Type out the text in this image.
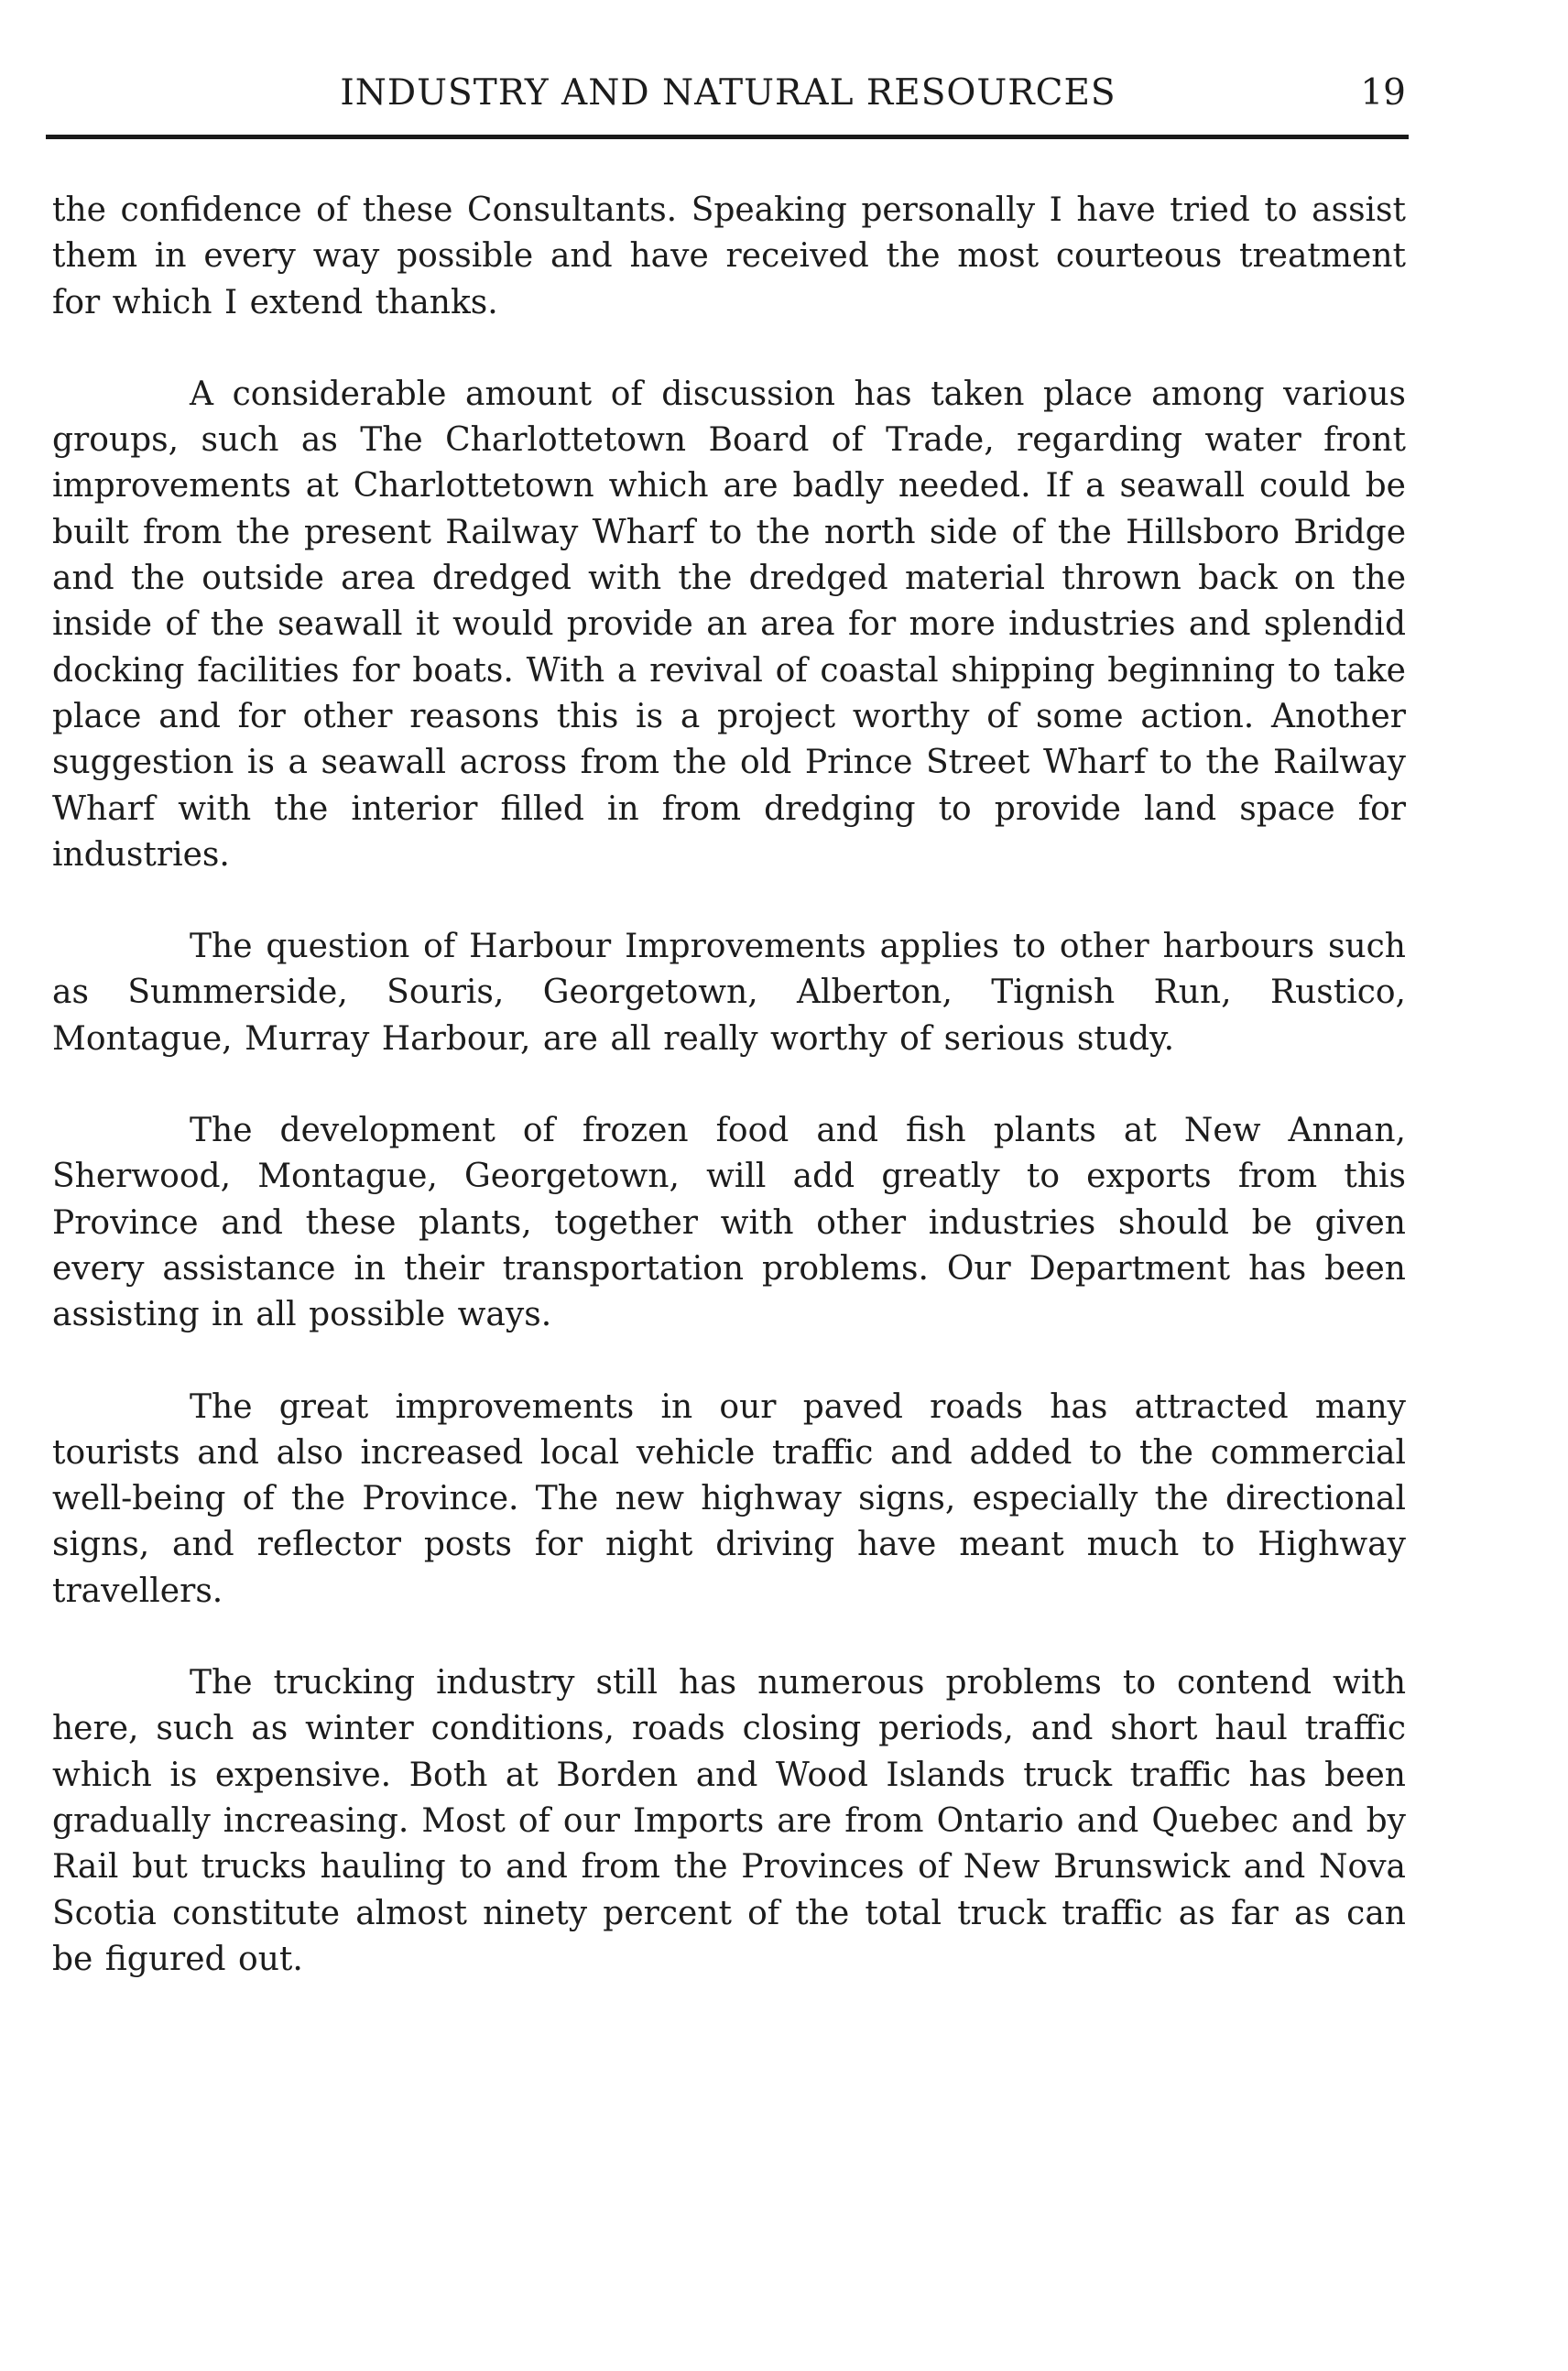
INDUSTRY AND NATURAL RESOURCES	19

the confidence of these Consultants. Speaking personally I have tried to assist them in every way possible and have received the most courteous treatment for which I extend thanks.

A considerable amount of discussion has taken place among various groups, such as The Charlottetown Board of Trade, regarding water front improvements at Charlottetown which are badly needed. If a seawall could be built from the present Railway Wharf to the north side of the Hillsboro Bridge and the outside area dredged with the dredged material thrown back on the inside of the seawall it would provide an area for more industries and splendid docking facilities for boats. With a revival of coastal shipping beginning to take place and for other reasons this is a project worthy of some action. Another suggestion is a seawall across from the old Prince Street Wharf to the Railway Wharf with the interior filled in from dredging to provide land space for industries.

The question of Harbour Improvements applies to other harbours such as Summerside, Souris, Georgetown, Alberton, Tignish Run, Rustico, Montague, Murray Harbour, are all really worthy of serious study.

The development of frozen food and fish plants at New Annan, Sherwood, Montague, Georgetown, will add greatly to exports from this Province and these plants, together with other industries should be given every assistance in their transportation problems. Our Department has been assisting in all possible ways.

The great improvements in our paved roads has attracted many tourists and also increased local vehicle traffic and added to the commercial well-being of the Province. The new highway signs, especially the directional signs, and reflector posts for night driving have meant much to Highway travellers.

The trucking industry still has numerous problems to contend with here, such as winter conditions, roads closing periods, and short haul traffic which is expensive. Both at Borden and Wood Islands truck traffic has been gradually increasing. Most of our Imports are from Ontario and Quebec and by Rail but trucks hauling to and from the Provinces of New Brunswick and Nova Scotia constitute almost ninety percent of the total truck traffic as far as can be figured out.
